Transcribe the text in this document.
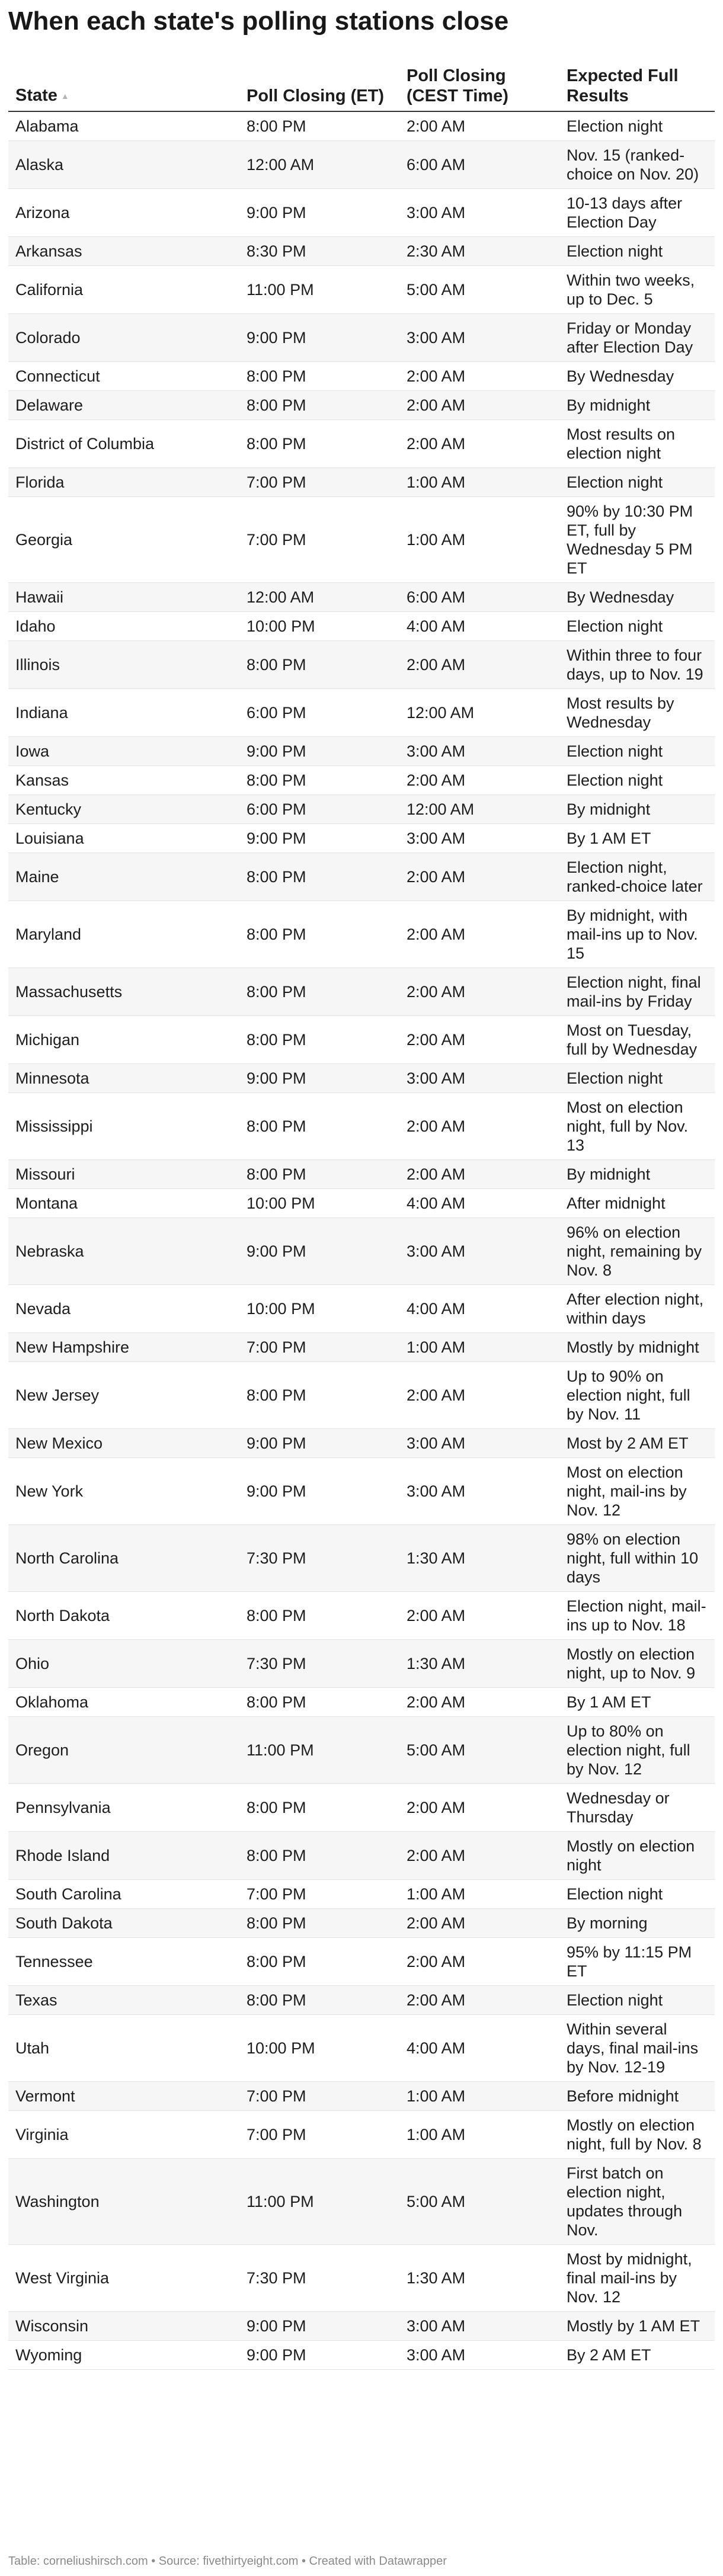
When each state's polling stations close
State ▲	Poll Closing (ET)	Poll Closing (CEST Time)	Expected Full Results
Alabama	8:00 PM	2:00 AM	Election night
Alaska	12:00 AM	6:00 AM	Nov. 15 (ranked-choice on Nov. 20)
Arizona	9:00 PM	3:00 AM	10-13 days after Election Day
Arkansas	8:30 PM	2:30 AM	Election night
California	11:00 PM	5:00 AM	Within two weeks, up to Dec. 5
Colorado	9:00 PM	3:00 AM	Friday or Monday after Election Day
Connecticut	8:00 PM	2:00 AM	By Wednesday
Delaware	8:00 PM	2:00 AM	By midnight
District of Columbia	8:00 PM	2:00 AM	Most results on election night
Florida	7:00 PM	1:00 AM	Election night
Georgia	7:00 PM	1:00 AM	90% by 10:30 PM ET, full by Wednesday 5 PM ET
Hawaii	12:00 AM	6:00 AM	By Wednesday
Idaho	10:00 PM	4:00 AM	Election night
Illinois	8:00 PM	2:00 AM	Within three to four days, up to Nov. 19
Indiana	6:00 PM	12:00 AM	Most results by Wednesday
Iowa	9:00 PM	3:00 AM	Election night
Kansas	8:00 PM	2:00 AM	Election night
Kentucky	6:00 PM	12:00 AM	By midnight
Louisiana	9:00 PM	3:00 AM	By 1 AM ET
Maine	8:00 PM	2:00 AM	Election night, ranked-choice later
Maryland	8:00 PM	2:00 AM	By midnight, with mail-ins up to Nov. 15
Massachusetts	8:00 PM	2:00 AM	Election night, final mail-ins by Friday
Michigan	8:00 PM	2:00 AM	Most on Tuesday, full by Wednesday
Minnesota	9:00 PM	3:00 AM	Election night
Mississippi	8:00 PM	2:00 AM	Most on election night, full by Nov. 13
Missouri	8:00 PM	2:00 AM	By midnight
Montana	10:00 PM	4:00 AM	After midnight
Nebraska	9:00 PM	3:00 AM	96% on election night, remaining by Nov. 8
Nevada	10:00 PM	4:00 AM	After election night, within days
New Hampshire	7:00 PM	1:00 AM	Mostly by midnight
New Jersey	8:00 PM	2:00 AM	Up to 90% on election night, full by Nov. 11
New Mexico	9:00 PM	3:00 AM	Most by 2 AM ET
New York	9:00 PM	3:00 AM	Most on election night, mail-ins by Nov. 12
North Carolina	7:30 PM	1:30 AM	98% on election night, full within 10 days
North Dakota	8:00 PM	2:00 AM	Election night, mail-ins up to Nov. 18
Ohio	7:30 PM	1:30 AM	Mostly on election night, up to Nov. 9
Oklahoma	8:00 PM	2:00 AM	By 1 AM ET
Oregon	11:00 PM	5:00 AM	Up to 80% on election night, full by Nov. 12
Pennsylvania	8:00 PM	2:00 AM	Wednesday or Thursday
Rhode Island	8:00 PM	2:00 AM	Mostly on election night
South Carolina	7:00 PM	1:00 AM	Election night
South Dakota	8:00 PM	2:00 AM	By morning
Tennessee	8:00 PM	2:00 AM	95% by 11:15 PM ET
Texas	8:00 PM	2:00 AM	Election night
Utah	10:00 PM	4:00 AM	Within several days, final mail-ins by Nov. 12-19
Vermont	7:00 PM	1:00 AM	Before midnight
Virginia	7:00 PM	1:00 AM	Mostly on election night, full by Nov. 8
Washington	11:00 PM	5:00 AM	First batch on election night, updates through Nov.
West Virginia	7:30 PM	1:30 AM	Most by midnight, final mail-ins by Nov. 12
Wisconsin	9:00 PM	3:00 AM	Mostly by 1 AM ET
Wyoming	9:00 PM	3:00 AM	By 2 AM ET
Table: corneliushirsch.com • Source: fivethirtyeight.com • Created with Datawrapper
